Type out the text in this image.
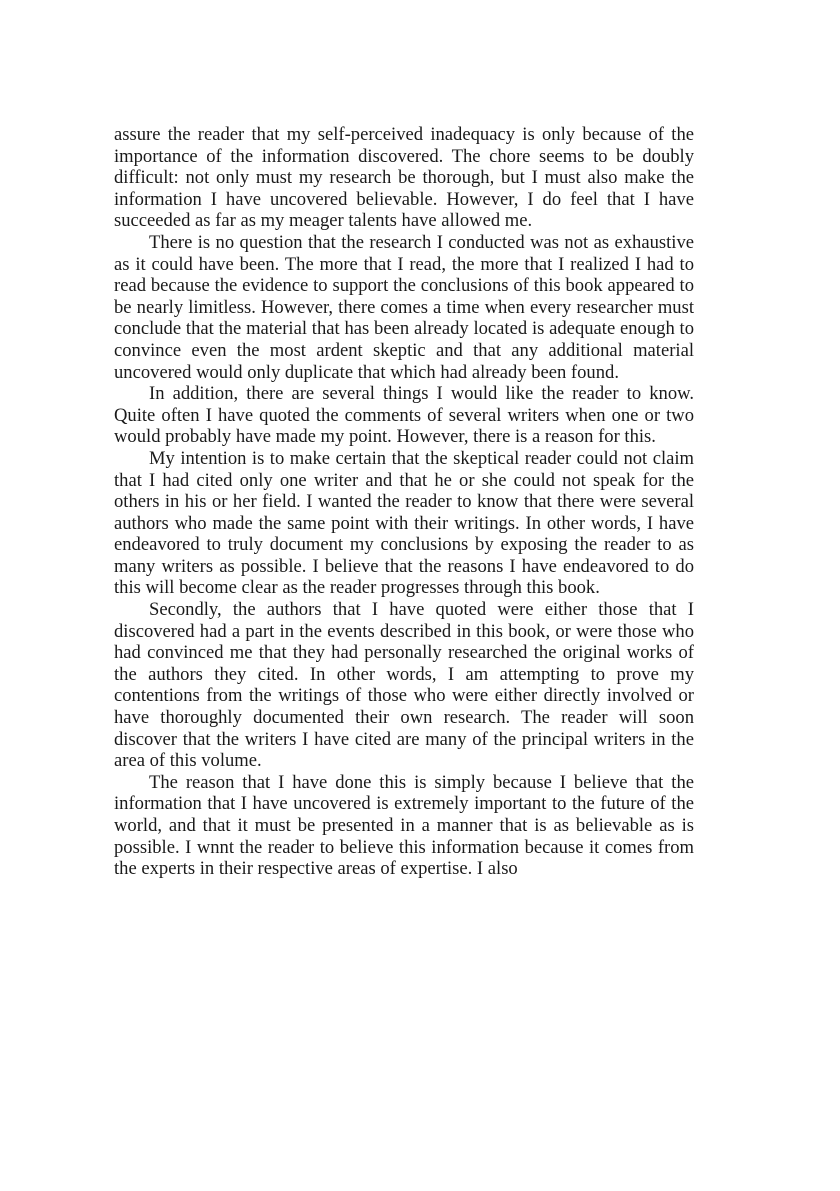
assure the reader that my self-perceived inadequacy is only because of the importance of the information discovered. The chore seems to be doubly difficult: not only must my research be thorough, but I must also make the information I have uncovered believable. However, I do feel that I have succeeded as far as my meager talents have allowed me.

There is no question that the research I conducted was not as exhaustive as it could have been. The more that I read, the more that I realized I had to read because the evidence to support the conclusions of this book appeared to be nearly limitless. However, there comes a time when every researcher must conclude that the material that has been already located is adequate enough to convince even the most ardent skeptic and that any additional material uncovered would only duplicate that which had already been found.

In addition, there are several things I would like the reader to know. Quite often I have quoted the comments of several writers when one or two would probably have made my point. However, there is a reason for this.

My intention is to make certain that the skeptical reader could not claim that I had cited only one writer and that he or she could not speak for the others in his or her field. I wanted the reader to know that there were several authors who made the same point with their writings. In other words, I have endeavored to truly document my conclusions by exposing the reader to as many writers as possible. I believe that the reasons I have endeavored to do this will become clear as the reader progresses through this book.

Secondly, the authors that I have quoted were either those that I discovered had a part in the events described in this book, or were those who had convinced me that they had personally researched the original works of the authors they cited. In other words, I am attempting to prove my contentions from the writings of those who were either directly involved or have thoroughly documented their own research. The reader will soon discover that the writers I have cited are many of the principal writers in the area of this volume.

The reason that I have done this is simply because I believe that the information that I have uncovered is extremely important to the future of the world, and that it must be presented in a manner that is as believable as is possible. I wnnt the reader to believe this information because it comes from the experts in their respective areas of expertise. I also
